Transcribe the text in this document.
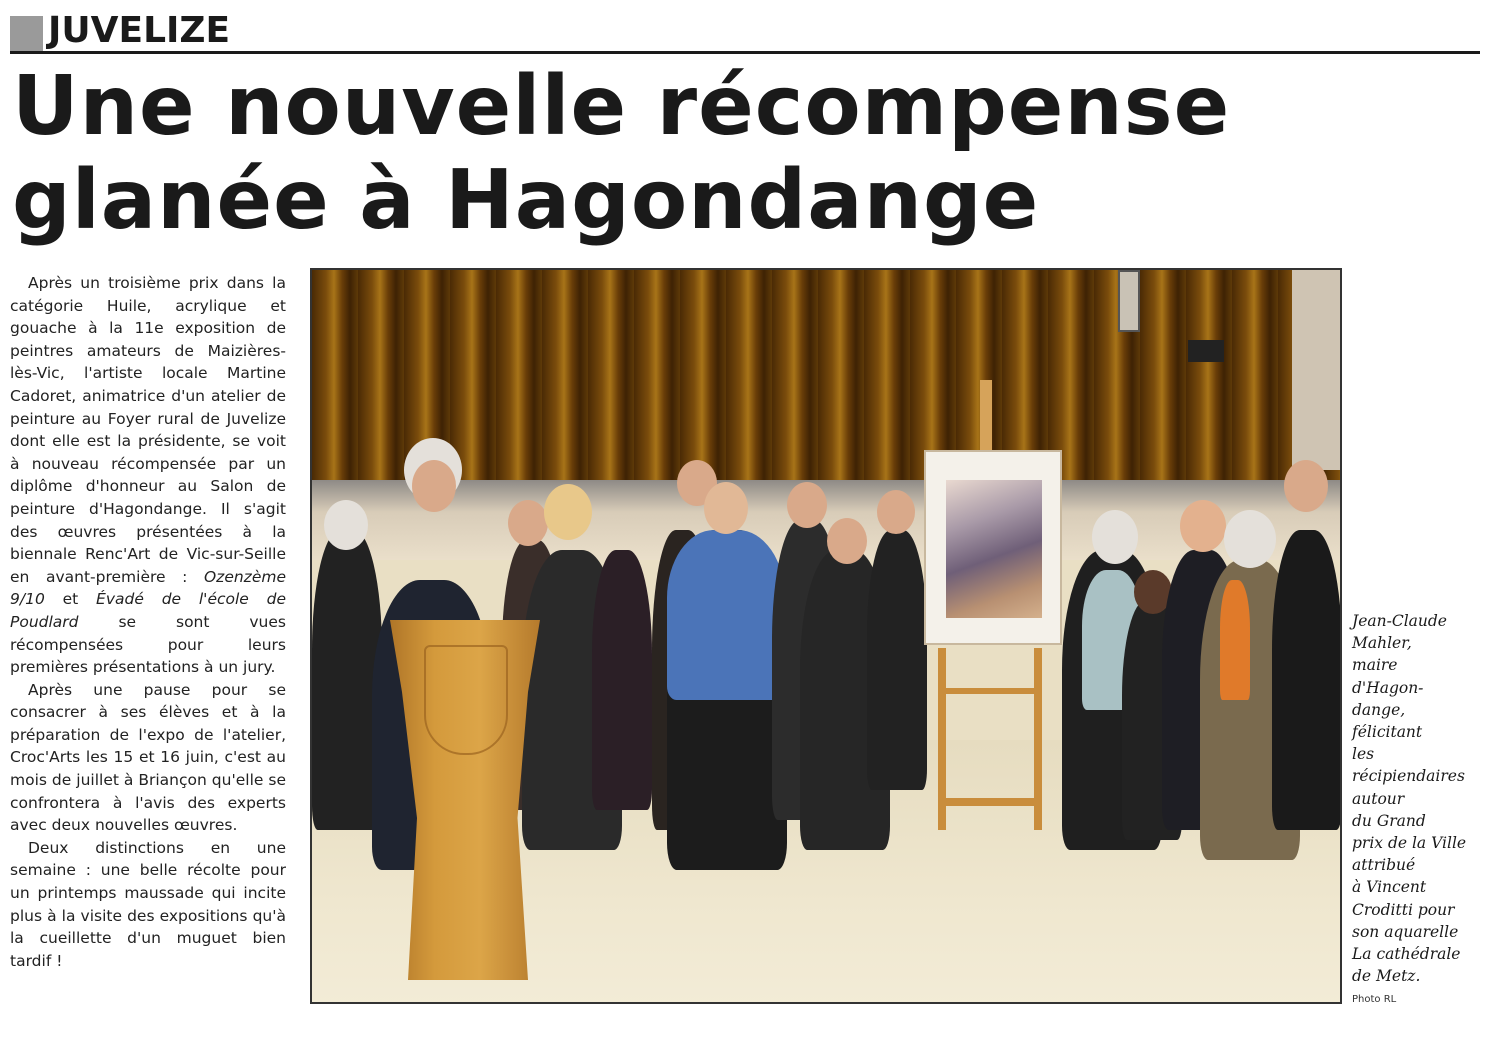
JUVELIZE
Une nouvelle récompense
glanée à Hagondange

Après un troisième prix dans la catégorie Huile, acrylique et gouache à la 11e exposition de peintres amateurs de Maizières-lès-Vic, l'artiste locale Martine Cadoret, animatrice d'un atelier de peinture au Foyer rural de Juvelize dont elle est la présidente, se voit à nouveau récompensée par un diplôme d'honneur au Salon de peinture d'Hagondange. Il s'agit des œuvres présentées à la biennale Renc'Art de Vic-sur-Seille en avant-première : Ozenzème 9/10 et Évadé de l'école de Poudlard se sont vues récompensées pour leurs premières présentations à un jury.

Après une pause pour se consacrer à ses élèves et à la préparation de l'expo de l'atelier, Croc'Arts les 15 et 16 juin, c'est au mois de juillet à Briançon qu'elle se confrontera à l'avis des experts avec deux nouvelles œuvres.

Deux distinctions en une semaine : une belle récolte pour un printemps maussade qui incite plus à la visite des expositions qu'à la cueillette d'un muguet bien tardif !

Jean-Claude
Mahler,
maire
d'Hagon-
dange,
félicitant
les
récipiendaires
autour
du Grand
prix de la Ville
attribué
à Vincent
Croditti pour
son aquarelle
La cathédrale
de Metz.
Photo RL
